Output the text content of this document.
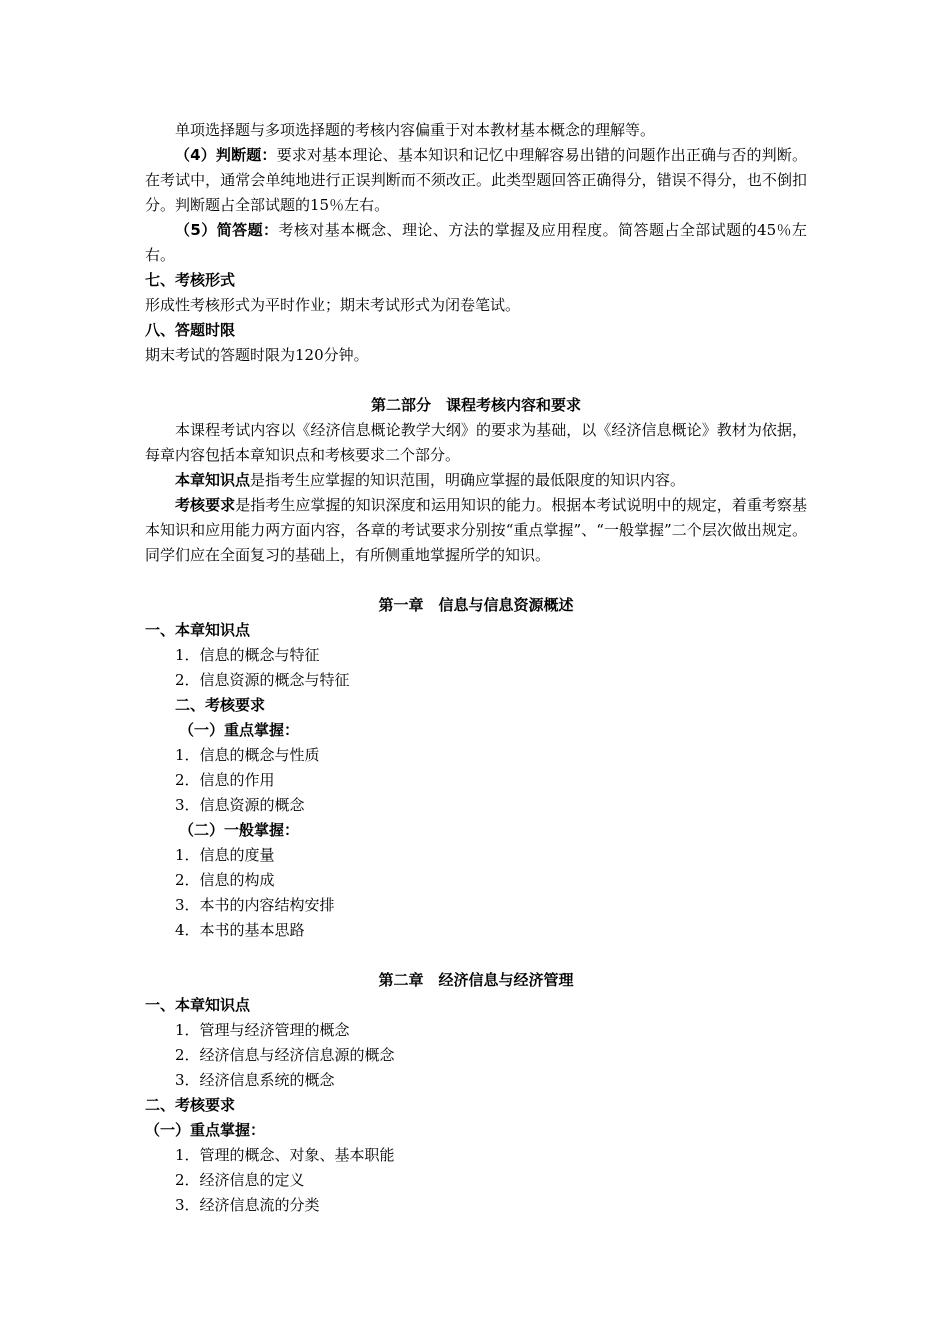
单项选择题与多项选择题的考核内容偏重于对本教材基本概念的理解等。

（4）判断题：要求对基本理论、基本知识和记忆中理解容易出错的问题作出正确与否的判断。在考试中，通常会单纯地进行正误判断而不须改正。此类型题回答正确得分，错误不得分，也不倒扣分。判断题占全部试题的15％左右。

（5）简答题：考核对基本概念、理论、方法的掌握及应用程度。简答题占全部试题的45％左右。

七、考核形式

形成性考核形式为平时作业；期末考试形式为闭卷笔试。

八、答题时限

期末考试的答题时限为120分钟。

第二部分　课程考核内容和要求

本课程考试内容以《经济信息概论教学大纲》的要求为基础，以《经济信息概论》教材为依据，每章内容包括本章知识点和考核要求二个部分。

本章知识点是指考生应掌握的知识范围，明确应掌握的最低限度的知识内容。

考核要求是指考生应掌握的知识深度和运用知识的能力。根据本考试说明中的规定，着重考察基本知识和应用能力两方面内容，各章的考试要求分别按“重点掌握”、“一般掌握”二个层次做出规定。 同学们应在全面复习的基础上，有所侧重地掌握所学的知识。

第一章　信息与信息资源概述

一、本章知识点

1．信息的概念与特征

2．信息资源的概念与特征

二、考核要求

（一）重点掌握：

1．信息的概念与性质

2．信息的作用

3．信息资源的概念

（二）一般掌握：

1．信息的度量

2．信息的构成

3．本书的内容结构安排

4．本书的基本思路

第二章　经济信息与经济管理

一、本章知识点

1．管理与经济管理的概念

2．经济信息与经济信息源的概念

3．经济信息系统的概念

二、考核要求

（一）重点掌握：

1．管理的概念、对象、基本职能

2．经济信息的定义

3．经济信息流的分类
